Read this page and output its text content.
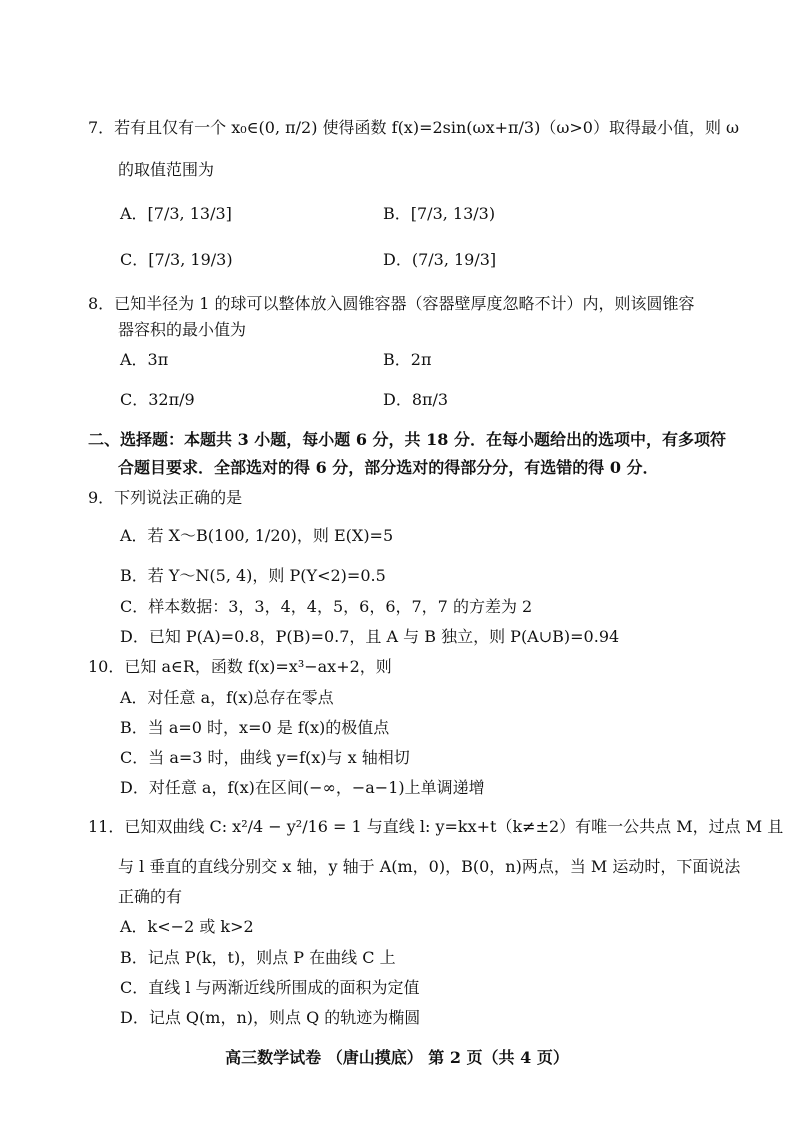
7．若有且仅有一个 x₀∈(0, π/2) 使得函数 f(x)=2sin(ωx+π/3)（ω>0）取得最小值，则 ω
的取值范围为
A．[7/3, 13/3]	B．[7/3, 13/3)
C．[7/3, 19/3)	D．(7/3, 19/3]
8．已知半径为 1 的球可以整体放入圆锥容器（容器壁厚度忽略不计）内，则该圆锥容
器容积的最小值为
A．3π	B．2π
C．32π/9	D．8π/3
二、选择题：本题共 3 小题，每小题 6 分，共 18 分．在每小题给出的选项中，有多项符
合题目要求．全部选对的得 6 分，部分选对的得部分分，有选错的得 0 分．
9．下列说法正确的是
A．若 X～B(100, 1/20)，则 E(X)=5
B．若 Y～N(5, 4)，则 P(Y<2)=0.5
C．样本数据：3，3，4，4，5，6，6，7，7 的方差为 2
D．已知 P(A)=0.8，P(B)=0.7，且 A 与 B 独立，则 P(A∪B)=0.94
10．已知 a∈R，函数 f(x)=x³−ax+2，则
A．对任意 a，f(x)总存在零点
B．当 a=0 时，x=0 是 f(x)的极值点
C．当 a=3 时，曲线 y=f(x)与 x 轴相切
D．对任意 a，f(x)在区间(−∞，−a−1)上单调递增
11．已知双曲线 C: x²/4 − y²/16 = 1 与直线 l: y=kx+t（k≠±2）有唯一公共点 M，过点 M 且
与 l 垂直的直线分别交 x 轴，y 轴于 A(m，0)，B(0，n)两点，当 M 运动时，下面说法
正确的有
A．k<−2 或 k>2
B．记点 P(k，t)，则点 P 在曲线 C 上
C．直线 l 与两渐近线所围成的面积为定值
D．记点 Q(m，n)，则点 Q 的轨迹为椭圆
高三数学试卷 （唐山摸底） 第 2 页（共 4 页）
